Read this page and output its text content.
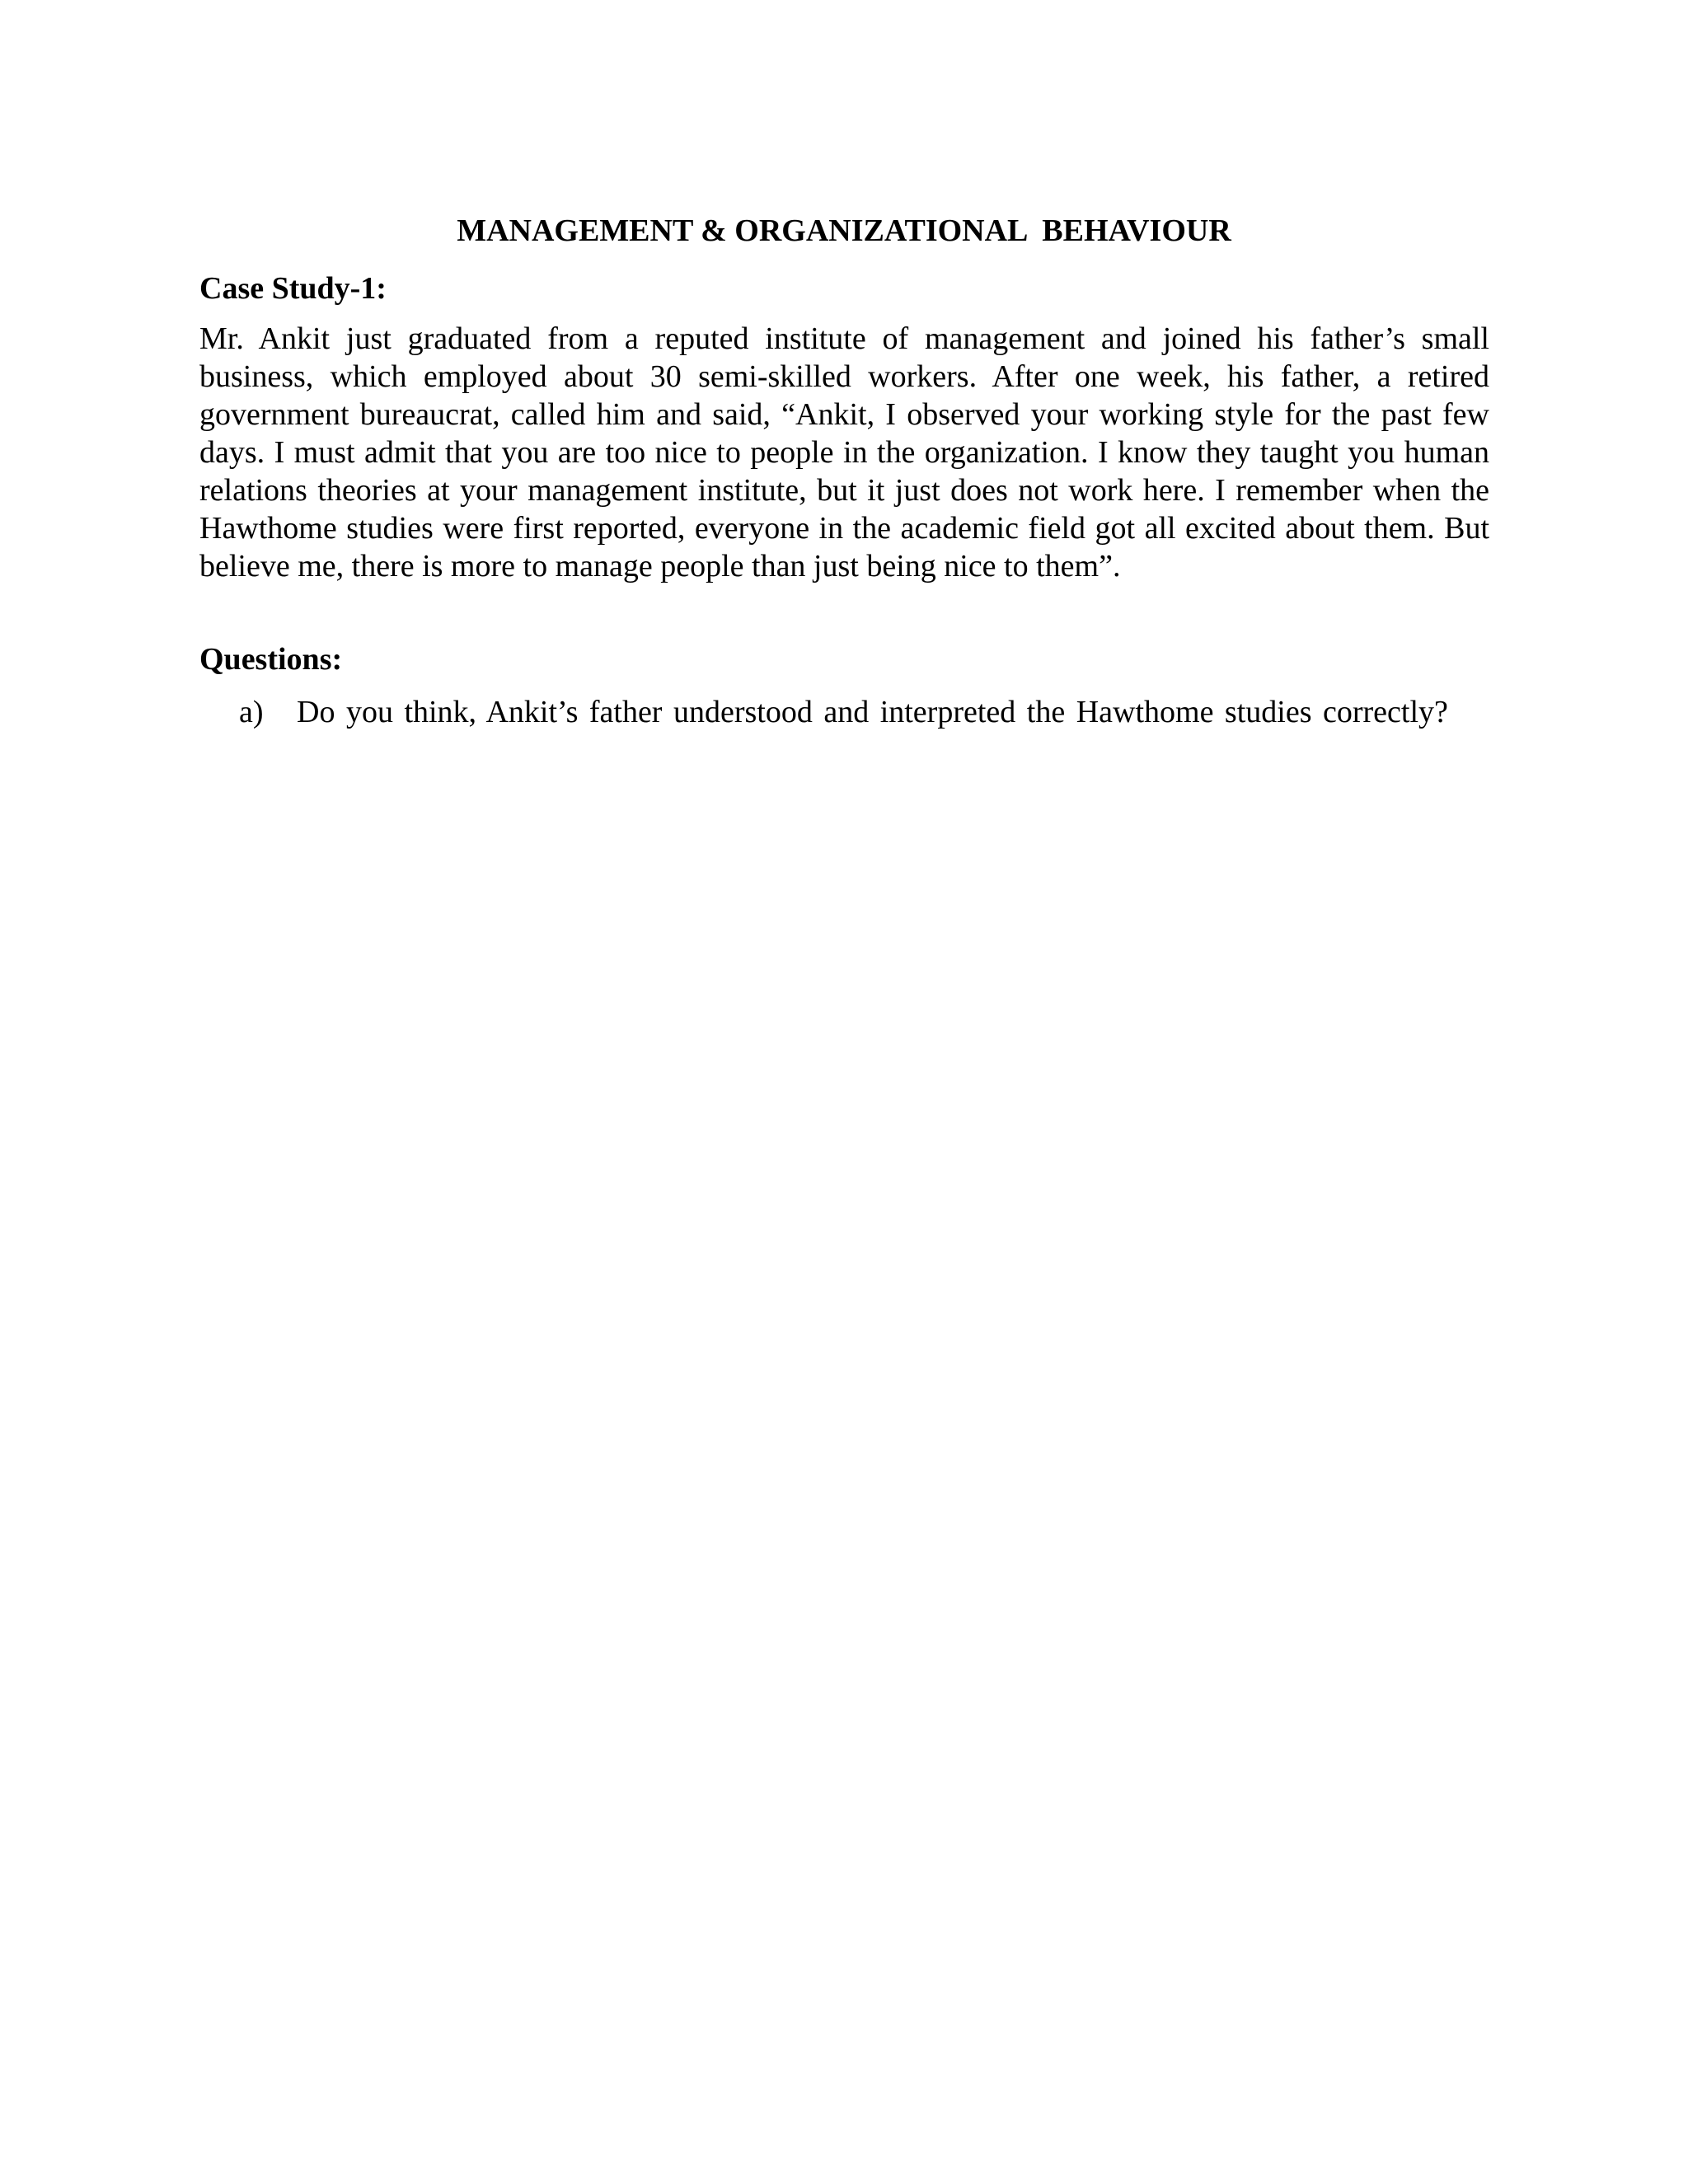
MANAGEMENT & ORGANIZATIONAL  BEHAVIOUR
Case Study-1:

Mr. Ankit just graduated from a reputed institute of management and joined his father’s small business, which employed about 30 semi-skilled workers. After one week, his father, a retired government bureaucrat, called him and said, “Ankit, I observed your working style for the past few days. I must admit that you are too nice to people in the organization. I know they taught you human relations theories at your management institute, but it just does not work here. I remember when the Hawthome studies were first reported, everyone in the academic field got all excited about them. But believe me, there is more to manage people than just being nice to them”.

Questions:
a)	Do you think, Ankit’s father understood and interpreted the Hawthome studies correctly?
